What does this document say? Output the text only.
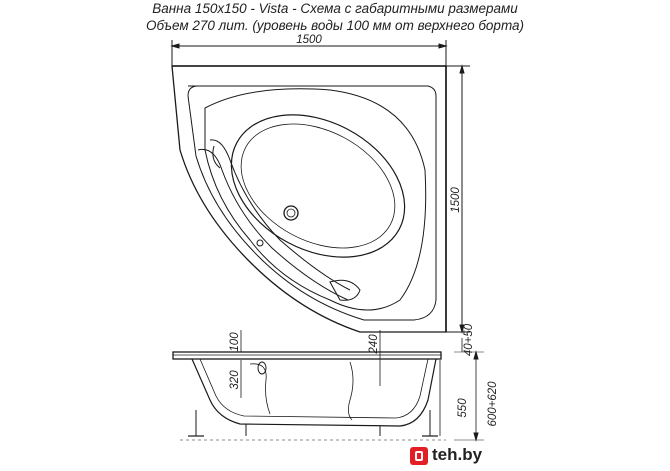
Ванна 150x150 - Vista - Схема с габаритными размерами
Объем 270 лит. (уровень воды 100 мм от верхнего борта)
1500
1500
40+50
100
320
240
550 600+620
teh.by
